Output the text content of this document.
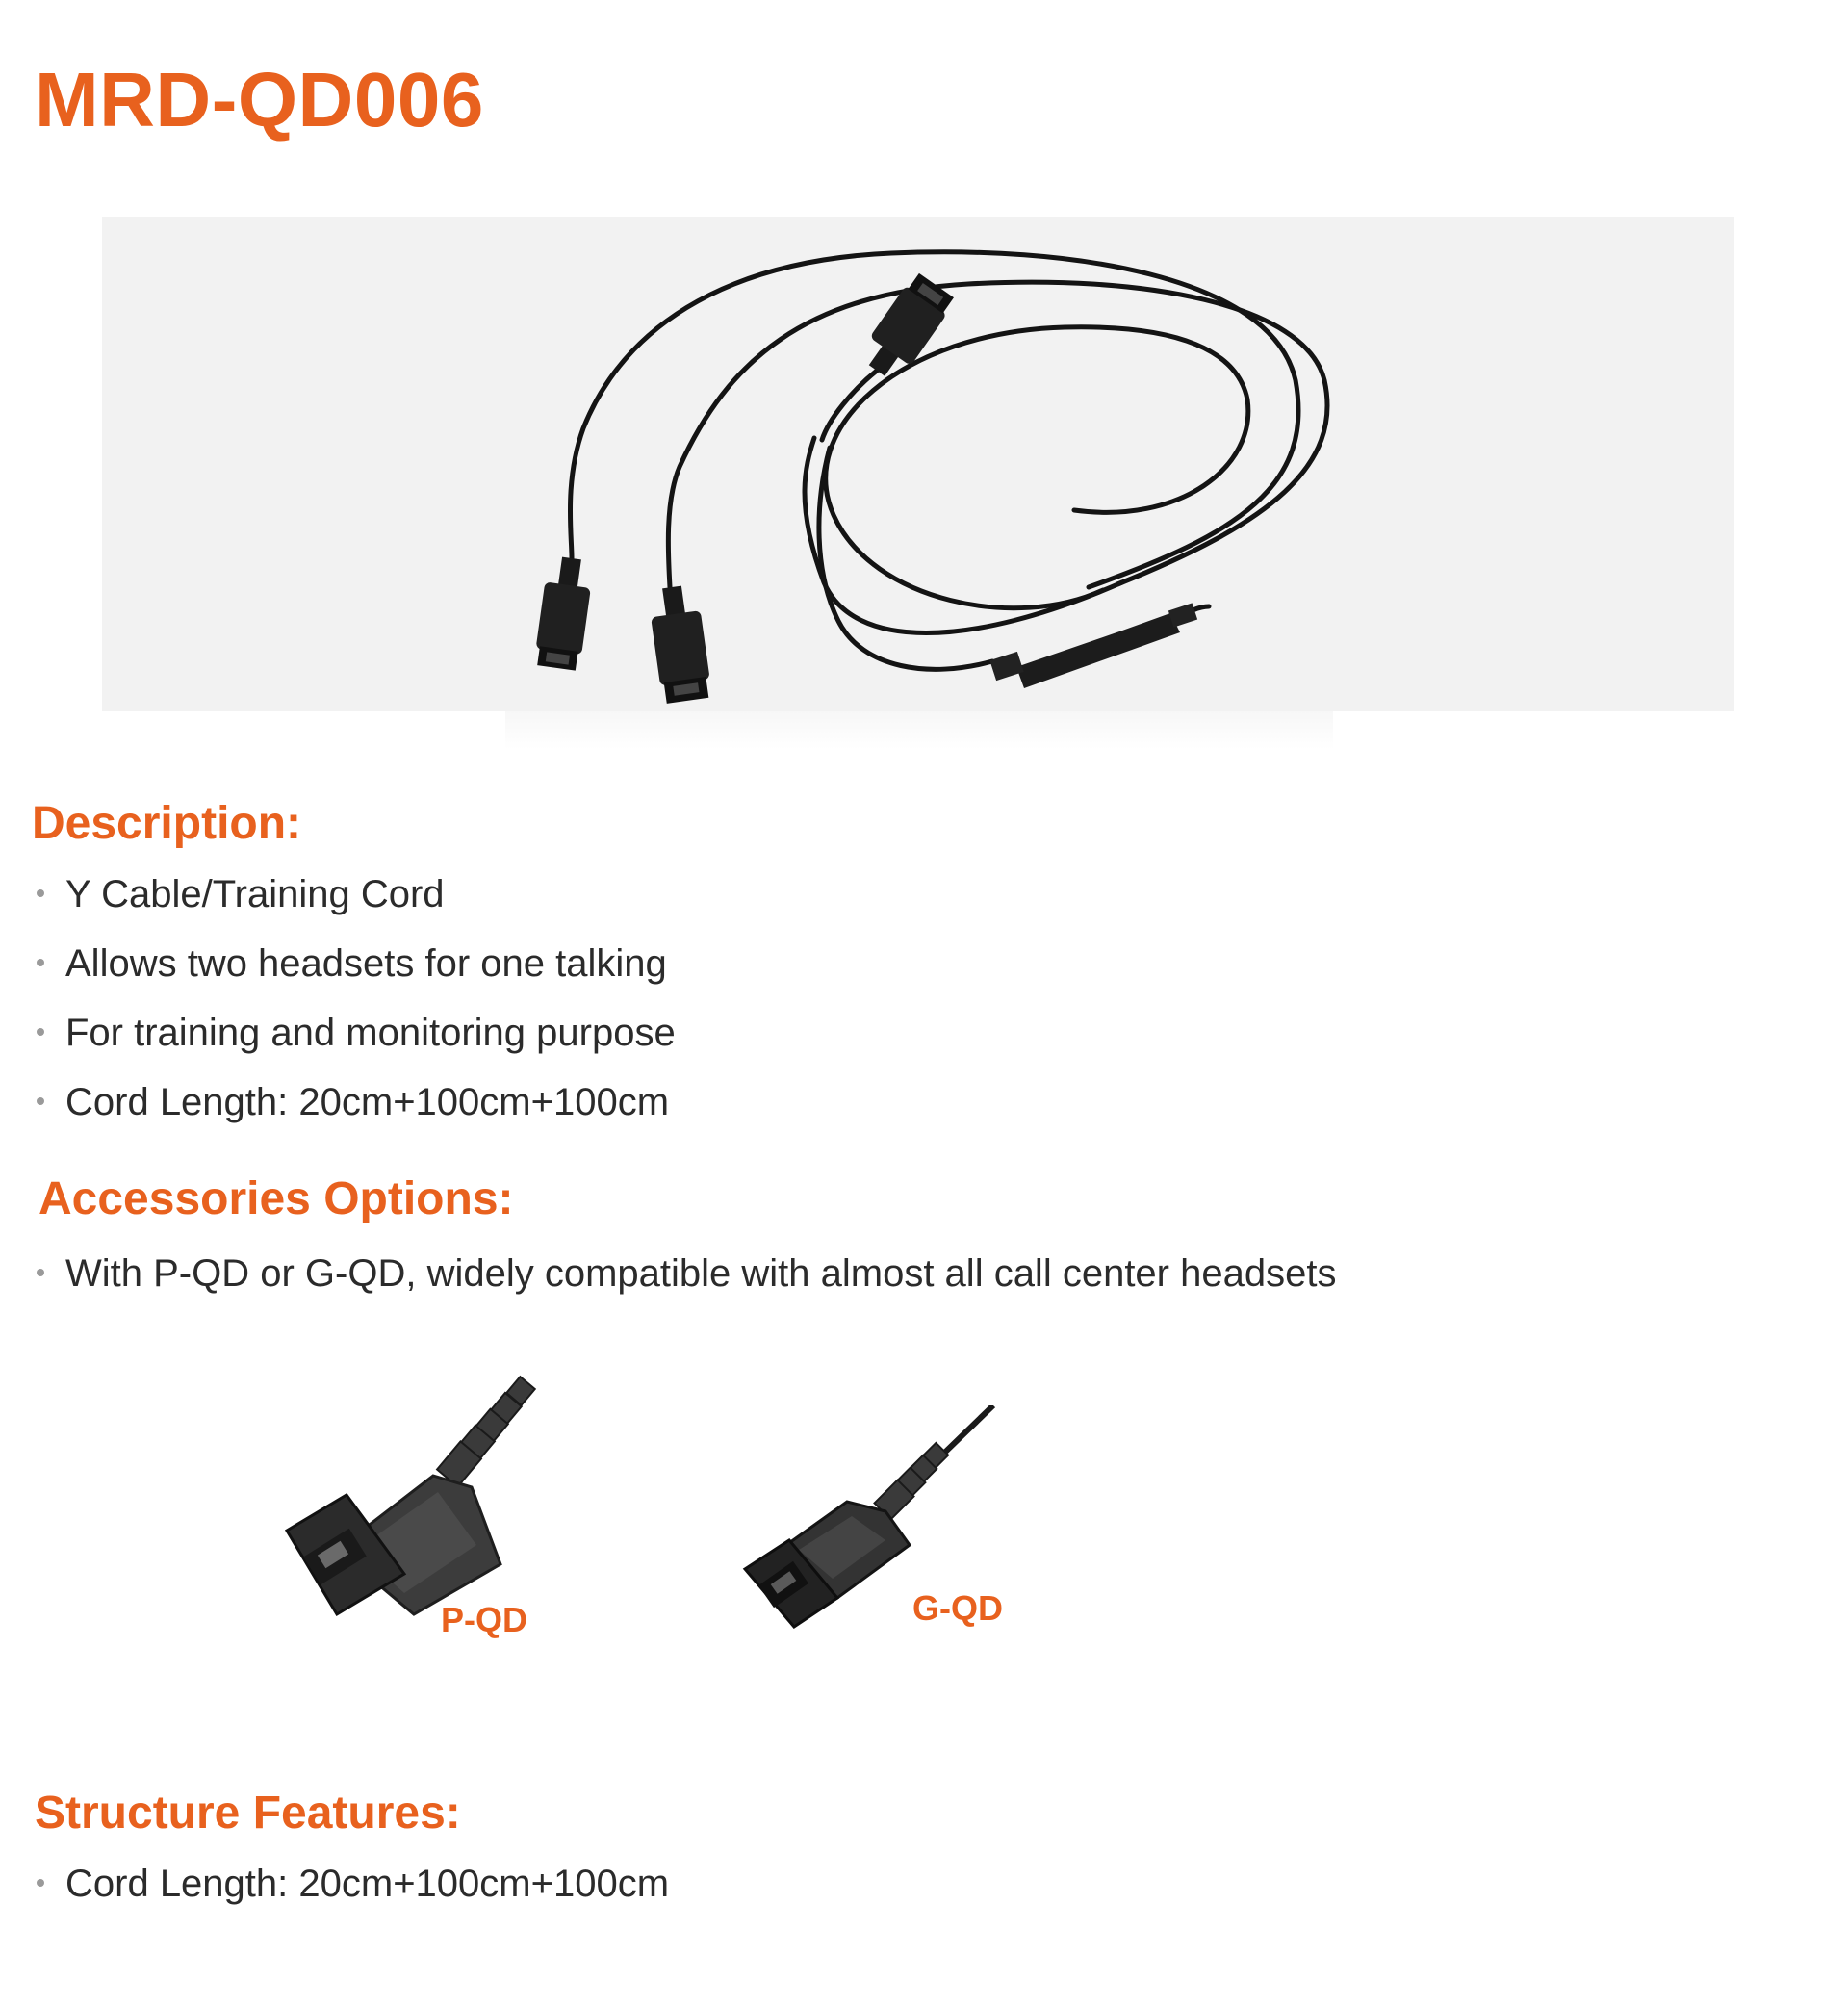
MRD-QD006
Description:
Y Cable/Training Cord
Allows two headsets for one talking
For training and monitoring purpose
Cord Length: 20cm+100cm+100cm
Accessories Options:
With P-QD or G-QD, widely compatible with almost all call center headsets
P-QD	G-QD
Structure Features:
Cord Length: 20cm+100cm+100cm
